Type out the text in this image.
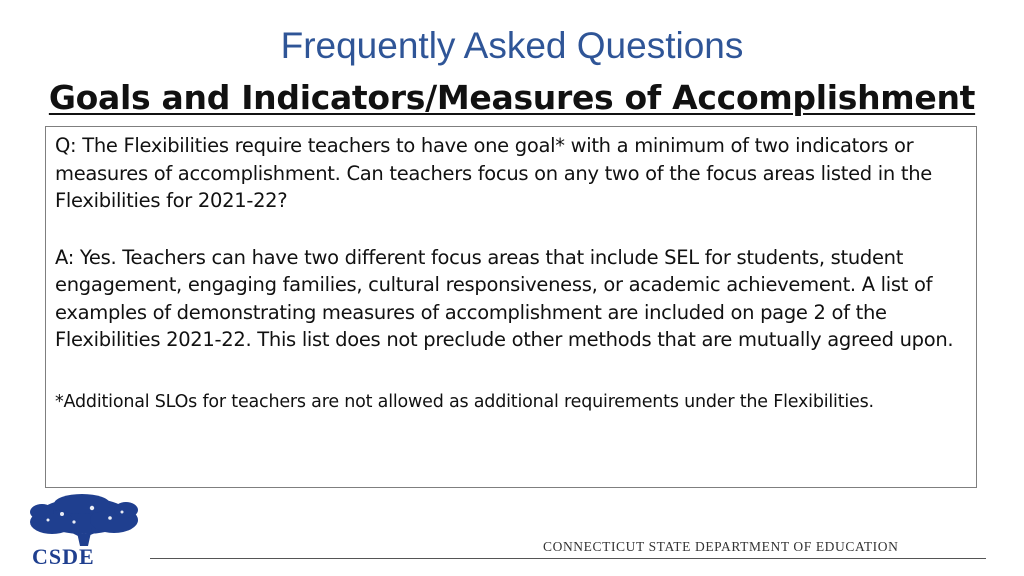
Frequently Asked Questions
Goals and Indicators/Measures of Accomplishment

Q: The Flexibilities require teachers to have one goal* with a minimum of two indicators or measures of accomplishment. Can teachers focus on any two of the focus areas listed in the Flexibilities for 2021-22?

A: Yes. Teachers can have two different focus areas that include SEL for students, student engagement, engaging families, cultural responsiveness, or academic achievement. A list of examples of demonstrating measures of accomplishment are included on page 2 of the Flexibilities 2021-22. This list does not preclude other methods that are mutually agreed upon.

*Additional SLOs for teachers are not allowed as additional requirements under the Flexibilities.

CSDE	CONNECTICUT STATE DEPARTMENT OF EDUCATION
